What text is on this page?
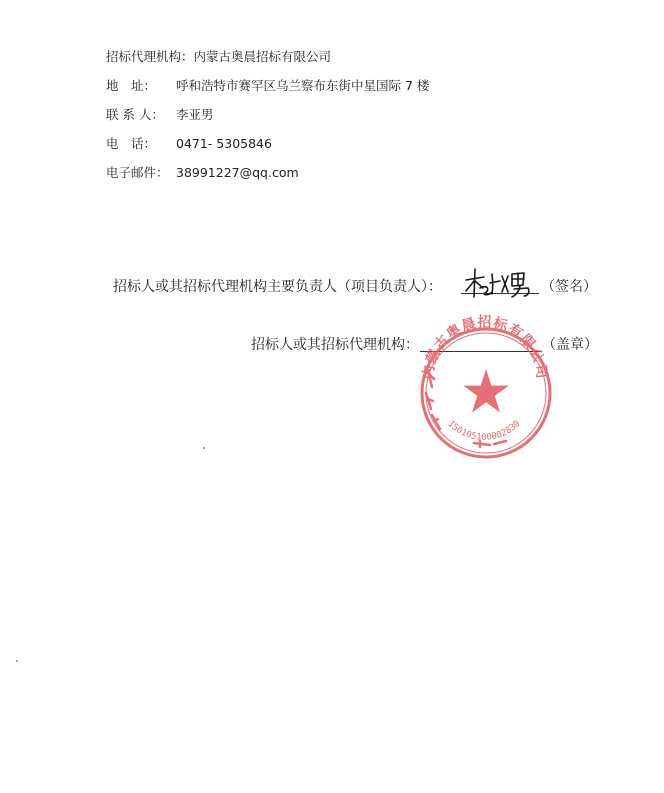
招标代理机构：内蒙古奥晨招标有限公司
地　址： 呼和浩特市赛罕区乌兰察布东街中星国际 7 楼
联 系 人： 李亚男
电　话： 0471- 5305846
电子邮件： 38991227@qq.com
招标人或其招标代理机构主要负责人（项目负责人）：	（签名）
招标人或其招标代理机构：	（盖章）
内蒙古奥晨招标有限公司
150105100002830
